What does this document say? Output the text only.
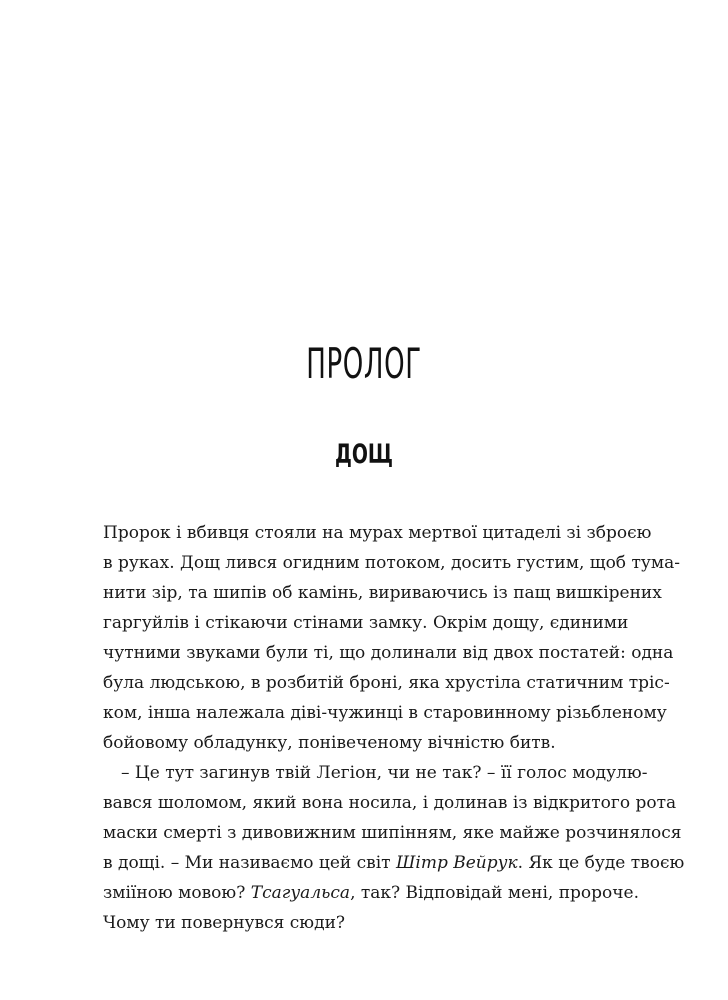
ПРОЛОГ
ДОЩ
Пророк і вбивця стояли на мурах мертвої цитаделі зі зброєю
в руках. Дощ лився огидним потоком, досить густим, щоб тума-
нити зір, та шипів об камінь, вириваючись із пащ вишкірених
гаргуйлів і стікаючи стінами замку. Окрім дощу, єдиними
чутними звуками були ті, що долинали від двох постатей: одна
була людською, в розбитій броні, яка хрустіла статичним тріс-
ком, інша належала діві-чужинці в старовинному різьбленому
бойовому обладунку, понівеченому вічністю битв.
– Це тут загинув твій Легіон, чи не так? – її голос модулю-
вався шоломом, який вона носила, і долинав із відкритого рота
маски смерті з дивовижним шипінням, яке майже розчинялося
в дощі. – Ми називаємо цей світ Шітр Вейрук. Як це буде твоєю
зміїною мовою? Тсагуальса, так? Відповідай мені, пророче.
Чому ти повернувся сюди?
